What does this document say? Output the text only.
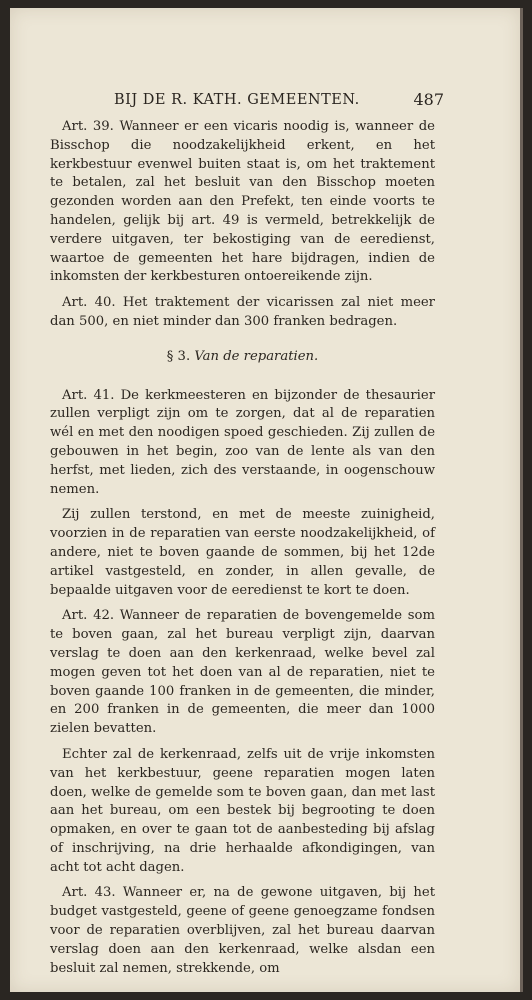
BIJ DE R. KATH. GEMEENTEN.	487

Art. 39. Wanneer er een vicaris noodig is, wanneer de Bisschop die noodzakelijkheid erkent, en het kerkbestuur evenwel buiten staat is, om het traktement te betalen, zal het besluit van den Bisschop moeten gezonden worden aan den Prefekt, ten einde voorts te handelen, gelijk bij art. 49 is vermeld, betrekkelijk de verdere uitgaven, ter bekostiging van de eeredienst, waartoe de gemeenten het hare bijdragen, indien de inkomsten der kerkbesturen ontoereikende zijn.

Art. 40. Het traktement der vicarissen zal niet meer dan 500, en niet minder dan 300 franken bedragen.

§ 3. Van de reparatien.

Art. 41. De kerkmeesteren en bijzonder de thesaurier zullen verpligt zijn om te zorgen, dat al de reparatien wél en met den noodigen spoed geschieden. Zij zullen de gebouwen in het begin, zoo van de lente als van den herfst, met lieden, zich des verstaande, in oogenschouw nemen.

Zij zullen terstond, en met de meeste zuinigheid, voorzien in de reparatien van eerste noodzakelijkheid, of andere, niet te boven gaande de sommen, bij het 12de artikel vastgesteld, en zonder, in allen gevalle, de bepaalde uitgaven voor de eeredienst te kort te doen.

Art. 42. Wanneer de reparatien de bovengemelde som te boven gaan, zal het bureau verpligt zijn, daarvan verslag te doen aan den kerkenraad, welke bevel zal mogen geven tot het doen van al de reparatien, niet te boven gaande 100 franken in de gemeenten, die minder, en 200 franken in de gemeenten, die meer dan 1000 zielen bevatten.

Echter zal de kerkenraad, zelfs uit de vrije inkomsten van het kerkbestuur, geene reparatien mogen laten doen, welke de gemelde som te boven gaan, dan met last aan het bureau, om een bestek bij begrooting te doen opmaken, en over te gaan tot de aanbesteding bij afslag of inschrijving, na drie herhaalde afkondigingen, van acht tot acht dagen.

Art. 43. Wanneer er, na de gewone uitgaven, bij het budget vastgesteld, geene of geene genoegzame fondsen voor de reparatien overblijven, zal het bureau daarvan verslag doen aan den kerkenraad, welke alsdan een besluit zal nemen, strekkende, om
